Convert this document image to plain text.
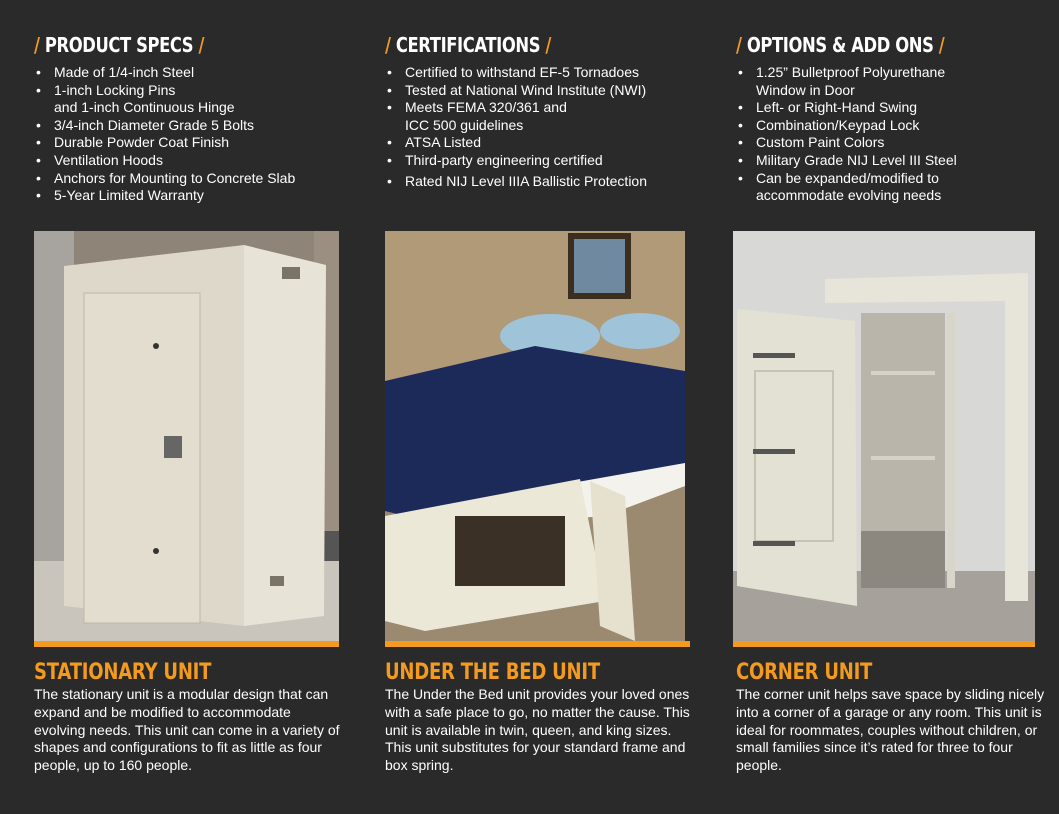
/ PRODUCT SPECS /
• Made of 1/4-inch Steel
• 1-inch Locking Pins
and 1-inch Continuous Hinge
• 3/4-inch Diameter Grade 5 Bolts
• Durable Powder Coat Finish
• Ventilation Hoods
• Anchors for Mounting to Concrete Slab
• 5-Year Limited Warranty
STATIONARY UNIT

The stationary unit is a modular design that can expand and be modified to accommodate evolving needs. This unit can come in a variety of shapes and configurations to fit as little as four people, up to 160 people.

/ CERTIFICATIONS /
• Certified to withstand EF-5 Tornadoes
• Tested at National Wind Institute (NWI)
• Meets FEMA 320/361 and
ICC 500 guidelines
• ATSA Listed
• Third-party engineering certified
• Rated NIJ Level IIIA Ballistic Protection
UNDER THE BED UNIT

The Under the Bed unit provides your loved ones with a safe place to go, no matter the cause. This unit is available in twin, queen, and king sizes. This unit substitutes for your standard frame and box spring.

/ OPTIONS & ADD ONS /
• 1.25” Bulletproof Polyurethane
Window in Door
• Left- or Right-Hand Swing
• Combination/Keypad Lock
• Custom Paint Colors
• Military Grade NIJ Level III Steel
• Can be expanded/modified to
accommodate evolving needs
CORNER UNIT

The corner unit helps save space by sliding nicely into a corner of a garage or any room. This unit is ideal for roommates, couples without children, or small families since it’s rated for three to four people.
